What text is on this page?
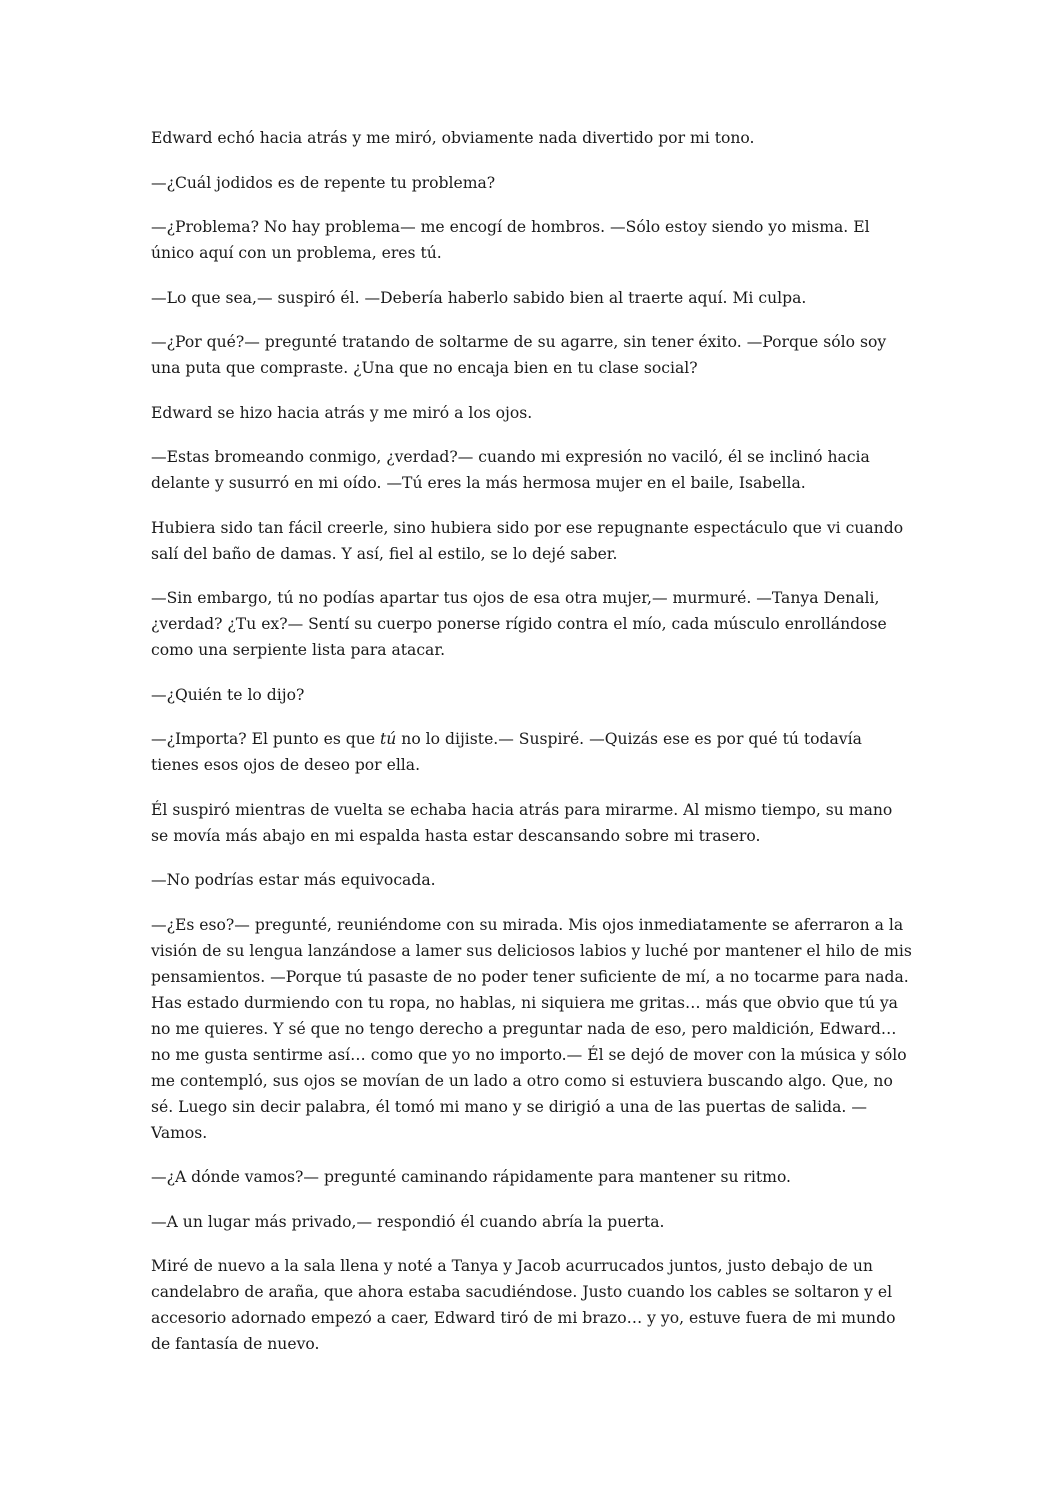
Edward echó hacia atrás y me miró, obviamente nada divertido por mi tono.

—¿Cuál jodidos es de repente tu problema?

—¿Problema? No hay problema— me encogí de hombros. —Sólo estoy siendo yo misma. El único aquí con un problema, eres tú.

—Lo que sea,— suspiró él. —Debería haberlo sabido bien al traerte aquí. Mi culpa.

—¿Por qué?— pregunté tratando de soltarme de su agarre, sin tener éxito. —Porque sólo soy una puta que compraste. ¿Una que no encaja bien en tu clase social?

Edward se hizo hacia atrás y me miró a los ojos.

—Estas bromeando conmigo, ¿verdad?— cuando mi expresión no vaciló, él se inclinó hacia delante y susurró en mi oído. —Tú eres la más hermosa mujer en el baile, Isabella.

Hubiera sido tan fácil creerle, sino hubiera sido por ese repugnante espectáculo que vi cuando salí del baño de damas. Y así, fiel al estilo, se lo dejé saber.

—Sin embargo, tú no podías apartar tus ojos de esa otra mujer,— murmuré. —Tanya Denali, ¿verdad? ¿Tu ex?— Sentí su cuerpo ponerse rígido contra el mío, cada músculo enrollándose como una serpiente lista para atacar.

—¿Quién te lo dijo?

—¿Importa? El punto es que tú no lo dijiste.— Suspiré. —Quizás ese es por qué tú todavía tienes esos ojos de deseo por ella.

Él suspiró mientras de vuelta se echaba hacia atrás para mirarme. Al mismo tiempo, su mano se movía más abajo en mi espalda hasta estar descansando sobre mi trasero.

—No podrías estar más equivocada.

—¿Es eso?— pregunté, reuniéndome con su mirada. Mis ojos inmediatamente se aferraron a la visión de su lengua lanzándose a lamer sus deliciosos labios y luché por mantener el hilo de mis pensamientos. —Porque tú pasaste de no poder tener suficiente de mí, a no tocarme para nada. Has estado durmiendo con tu ropa, no hablas, ni siquiera me gritas… más que obvio que tú ya no me quieres. Y sé que no tengo derecho a preguntar nada de eso, pero maldición, Edward… no me gusta sentirme así… como que yo no importo.— Él se dejó de mover con la música y sólo me contempló, sus ojos se movían de un lado a otro como si estuviera buscando algo. Que, no sé. Luego sin decir palabra, él tomó mi mano y se dirigió a una de las puertas de salida. —Vamos.

—¿A dónde vamos?— pregunté caminando rápidamente para mantener su ritmo.

—A un lugar más privado,— respondió él cuando abría la puerta.

Miré de nuevo a la sala llena y noté a Tanya y Jacob acurrucados juntos, justo debajo de un candelabro de araña, que ahora estaba sacudiéndose. Justo cuando los cables se soltaron y el accesorio adornado empezó a caer, Edward tiró de mi brazo… y yo, estuve fuera de mi mundo de fantasía de nuevo.
